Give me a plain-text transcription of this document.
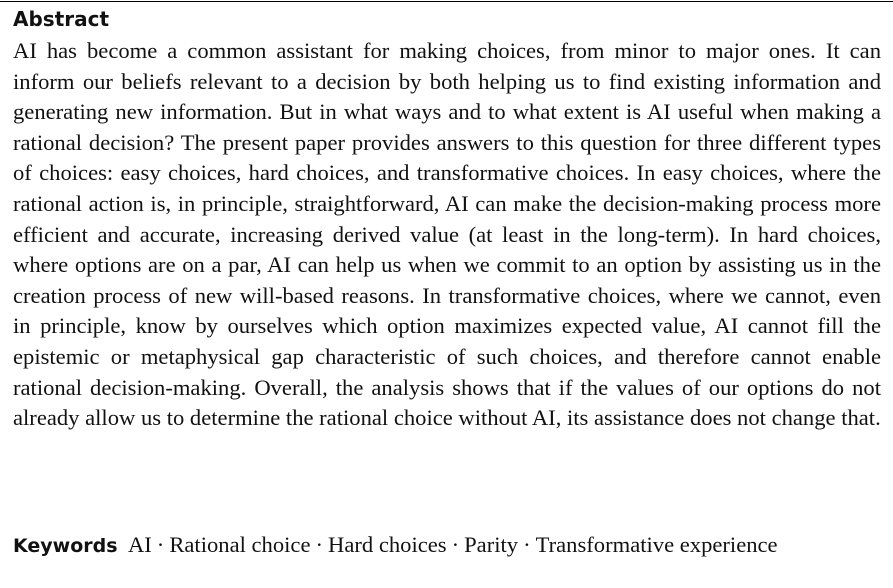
Abstract

AI has become a common assistant for making choices, from minor to major ones. It can inform our beliefs relevant to a decision by both helping us to find existing information and generating new information. But in what ways and to what extent is AI useful when making a rational decision? The present paper provides answers to this question for three different types of choices: easy choices, hard choices, and transformative choices. In easy choices, where the rational action is, in principle, straightforward, AI can make the decision-making process more efficient and accurate, increasing derived value (at least in the long-term). In hard choices, where options are on a par, AI can help us when we commit to an option by assisting us in the creation process of new will-based reasons. In transformative choices, where we cannot, even in principle, know by ourselves which option maximizes expected value, AI cannot fill the epistemic or metaphysical gap characteristic of such choices, and therefore cannot enable rational decision-making. Overall, the analysis shows that if the values of our options do not already allow us to determine the rational choice without AI, its assistance does not change that.

Keywords AI · Rational choice · Hard choices · Parity · Transformative experience
